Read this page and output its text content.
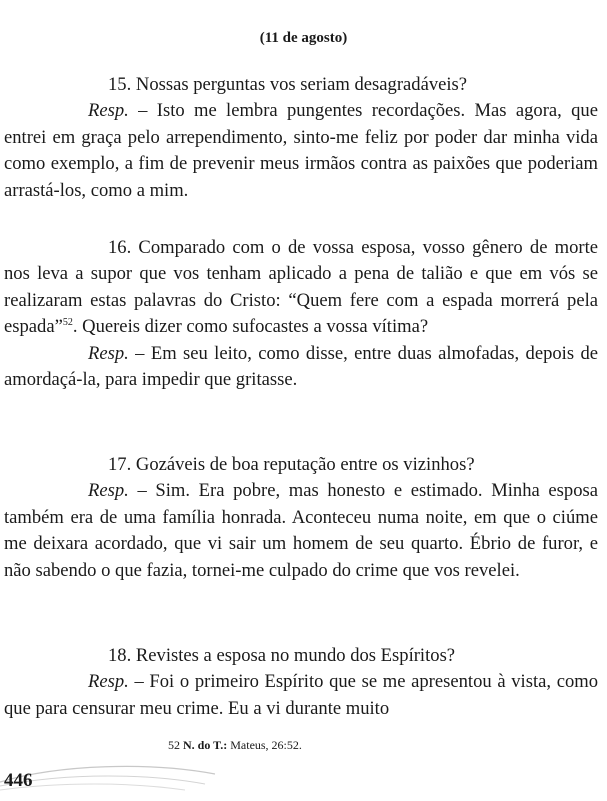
(11 de agosto)

15. Nossas perguntas vos seriam desagradáveis?

Resp. – Isto me lembra pungentes recordações. Mas agora, que entrei em graça pelo arrependimento, sinto-me feliz por poder dar minha vida como exemplo, a fim de prevenir meus irmãos contra as paixões que poderiam arrastá-los, como a mim.

16. Comparado com o de vossa esposa, vosso gênero de morte nos leva a supor que vos tenham aplicado a pena de talião e que em vós se realizaram estas palavras do Cristo: “Quem fere com a espada morrerá pela espada”$^{52}$. Quereis dizer como sufocastes a vossa vítima?

Resp. – Em seu leito, como disse, entre duas almofadas, depois de amordaçá-la, para impedir que gritasse.

17. Gozáveis de boa reputação entre os vizinhos?

Resp. – Sim. Era pobre, mas honesto e estimado. Minha esposa também era de uma família honrada. Aconteceu numa noite, em que o ciúme me deixara acordado, que vi sair um homem de seu quarto. Ébrio de furor, e não sabendo o que fazia, tornei-me culpado do crime que vos revelei.

18. Revistes a esposa no mundo dos Espíritos?

Resp. – Foi o primeiro Espírito que se me apresentou à vista, como que para censurar meu crime. Eu a vi durante muito

52 N. do T.: Mateus, 26:52.
446
